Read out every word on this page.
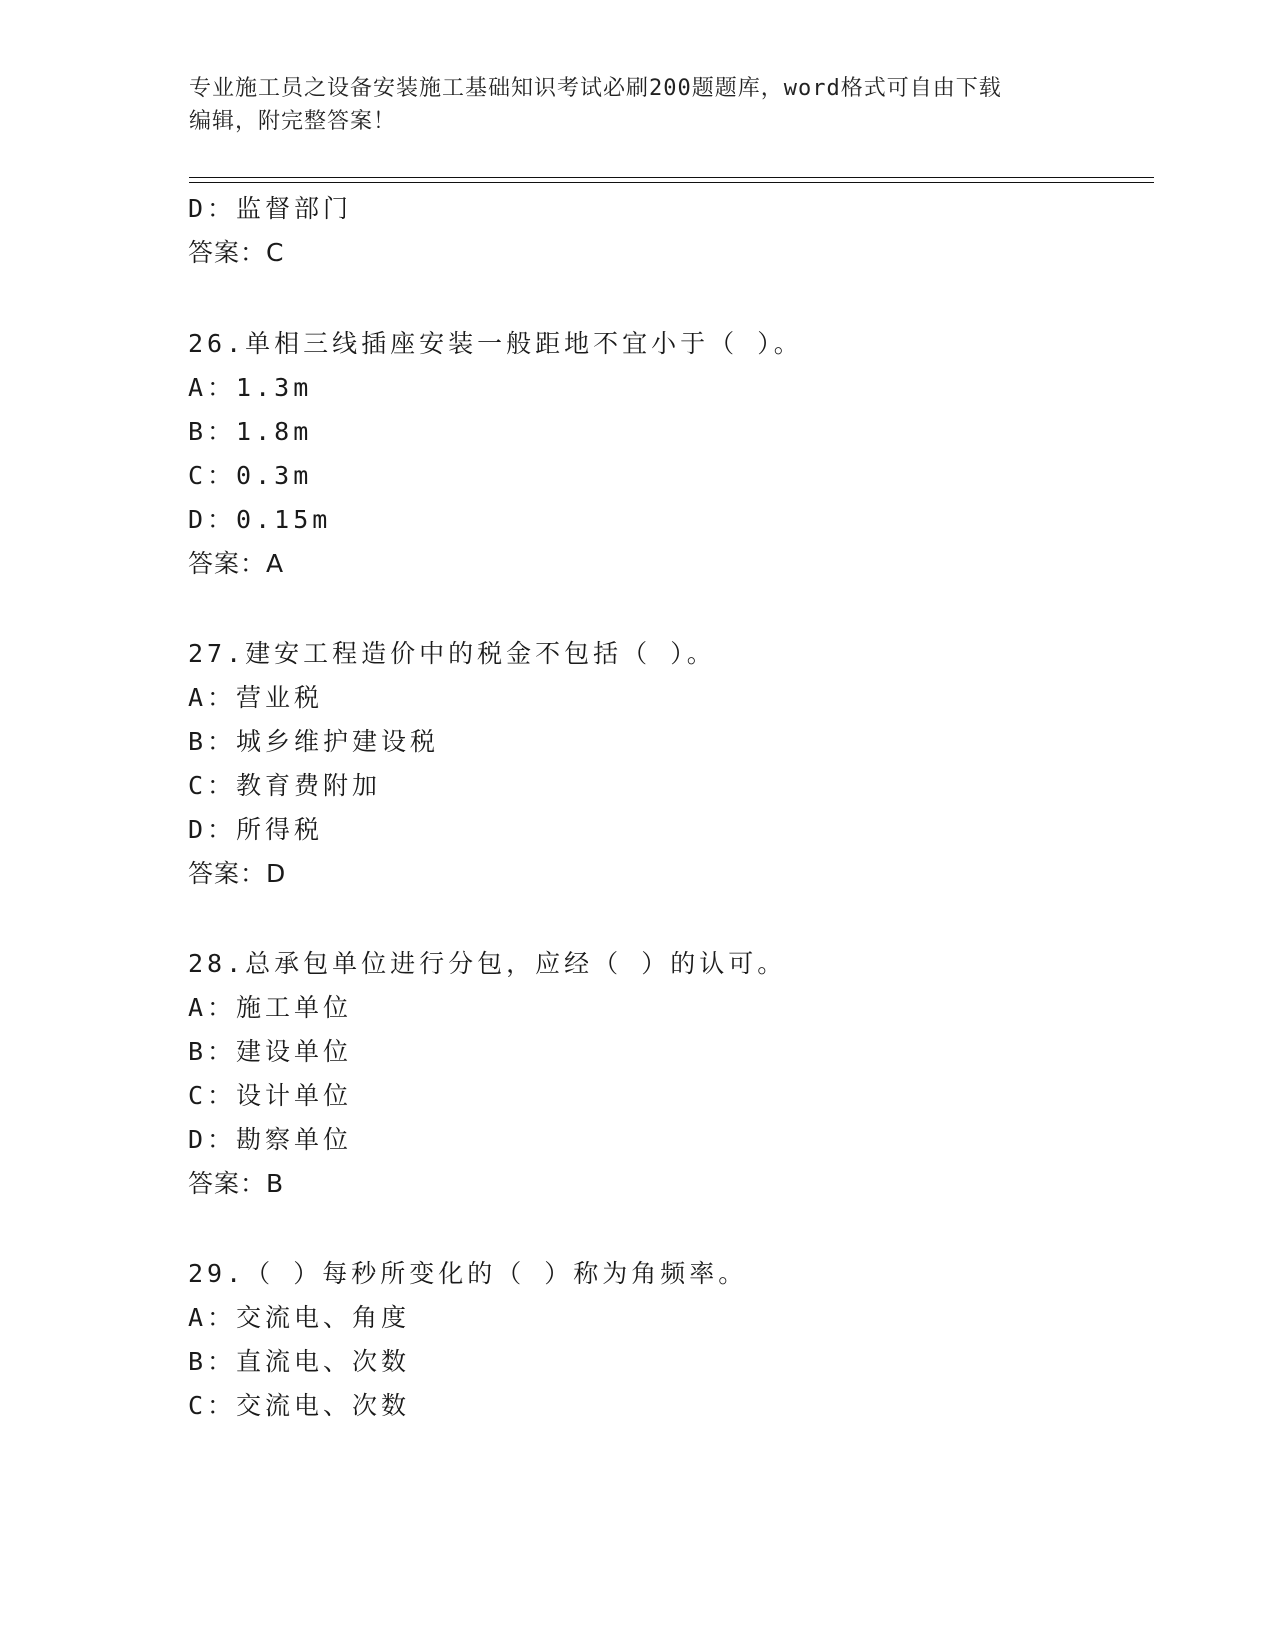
专业施工员之设备安装施工基础知识考试必刷200题题库，word格式可自由下载
编辑，附完整答案！
D：监督部门
答案：C
26.单相三线插座安装一般距地不宜小于（ ）。
A：1.3m
B：1.8m
C：0.3m
D：0.15m
答案：A
27.建安工程造价中的税金不包括（ ）。
A：营业税
B：城乡维护建设税
C：教育费附加
D：所得税
答案：D
28.总承包单位进行分包，应经（ ）的认可。
A：施工单位
B：建设单位
C：设计单位
D：勘察单位
答案：B
29.（ ）每秒所变化的（ ）称为角频率。
A：交流电、角度
B：直流电、次数
C：交流电、次数
